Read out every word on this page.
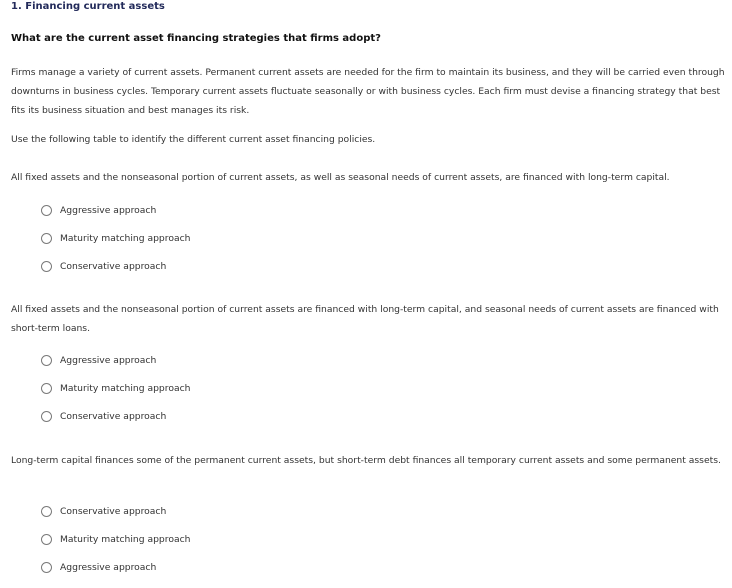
1. Financing current assets
What are the current asset financing strategies that firms adopt?
Firms manage a variety of current assets. Permanent current assets are needed for the firm to maintain its business, and they will be carried even through downturns in business cycles. Temporary current assets fluctuate seasonally or with business cycles. Each firm must devise a financing strategy that best fits its business situation and best manages its risk.
Use the following table to identify the different current asset financing policies.
All fixed assets and the nonseasonal portion of current assets, as well as seasonal needs of current assets, are financed with long-term capital.
Aggressive approach
Maturity matching approach
Conservative approach
All fixed assets and the nonseasonal portion of current assets are financed with long-term capital, and seasonal needs of current assets are financed with short-term loans.
Aggressive approach
Maturity matching approach
Conservative approach
Long-term capital finances some of the permanent current assets, but short-term debt finances all temporary current assets and some permanent assets.
Conservative approach
Maturity matching approach
Aggressive approach
